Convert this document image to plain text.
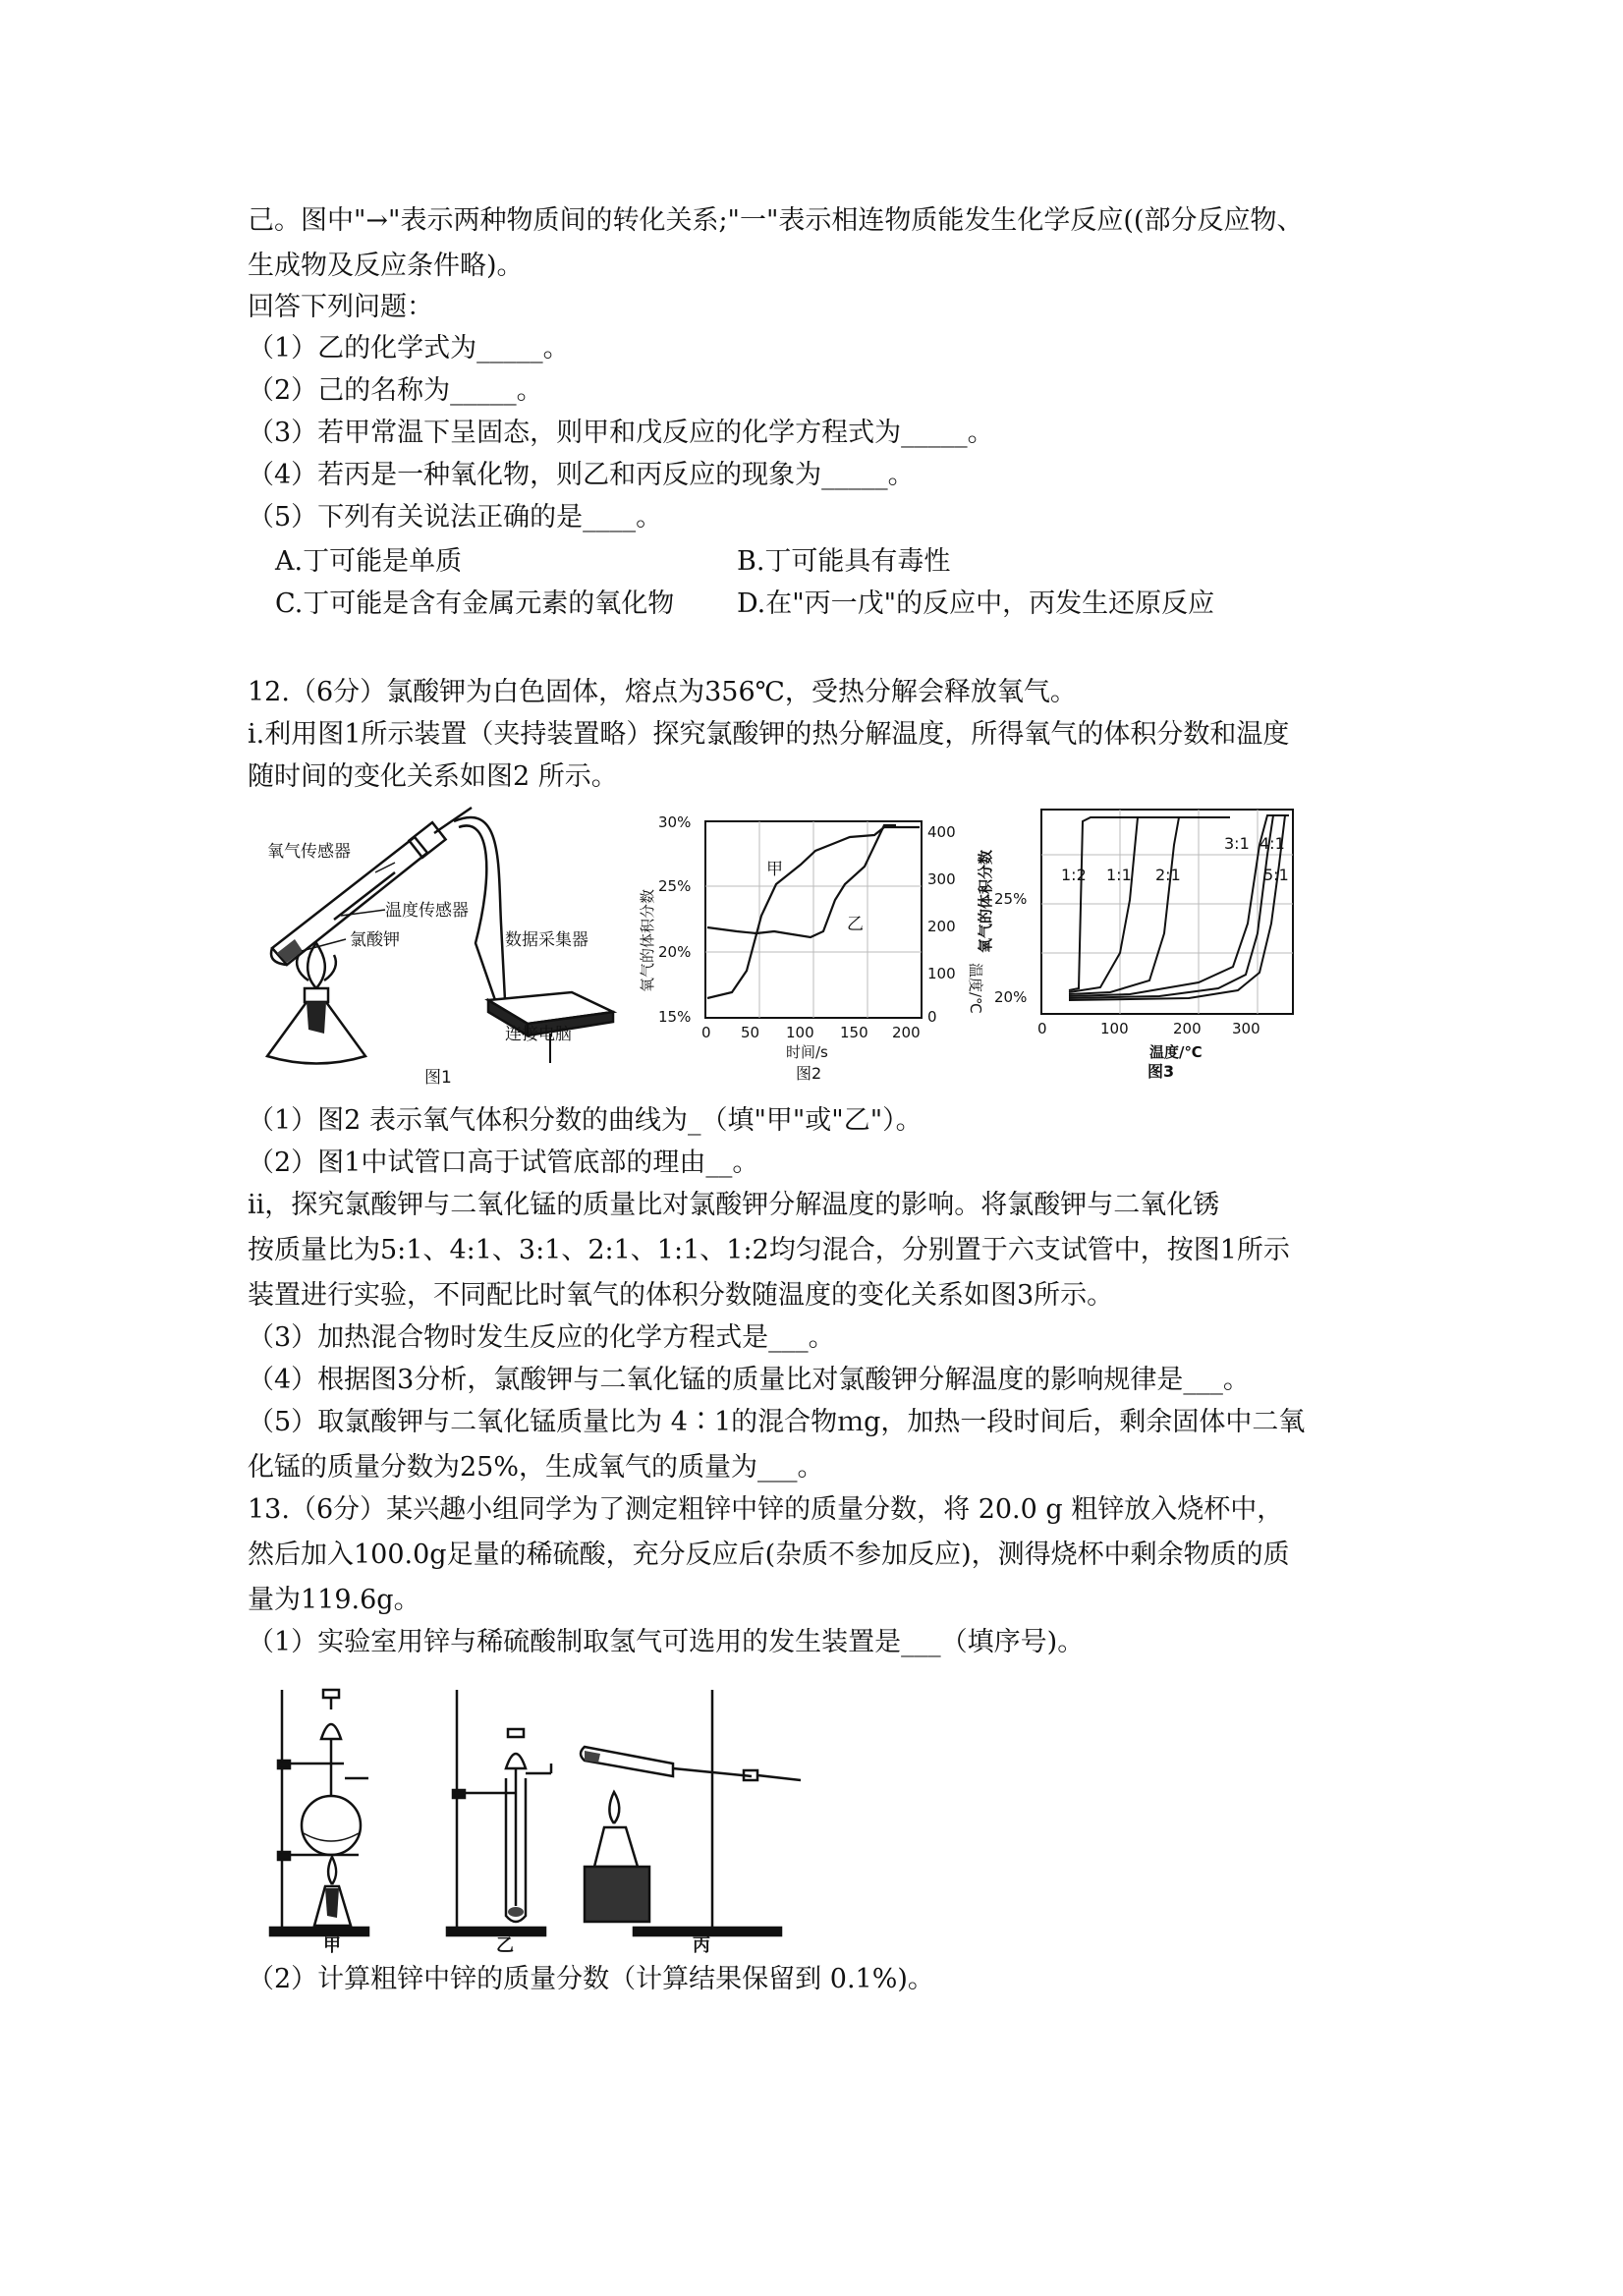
己。图中"→"表示两种物质间的转化关系;"一"表示相连物质能发生化学反应((部分反应物、
生成物及反应条件略)。
回答下列问题：
（1）乙的化学式为_____。
（2）己的名称为_____。
（3）若甲常温下呈固态，则甲和戊反应的化学方程式为_____。
（4）若丙是一种氧化物，则乙和丙反应的现象为_____。
（5）下列有关说法正确的是____。
A.丁可能是单质	B.丁可能具有毒性
C.丁可能是含有金属元素的氧化物 D.在"丙一戊"的反应中，丙发生还原反应
12.（6分）氯酸钾为白色固体，熔点为356℃，受热分解会释放氧气。
i.利用图1所示装置（夹持装置略）探究氯酸钾的热分解温度，所得氧气的体积分数和温度
随时间的变化关系如图2 所示。
氧气传感器
温度传感器
氯酸钾	数据采集器
连接电脑
图1
甲
乙
30%
25%
20%
15%
400
300
200
100
0
0 50 100 150 200
时间/s
氧气的体积分数	温度/℃
图2
1:2 1:1 2:1
3:1 4:1
5:1
25%
20%
0	100	200 300
温度/℃
氧气的体积分数
图3
（1）图2 表示氧气体积分数的曲线为_（填"甲"或"乙"）。
（2）图1中试管口高于试管底部的理由__。
ii，探究氯酸钾与二氧化锰的质量比对氯酸钾分解温度的影响。将氯酸钾与二氧化锈
按质量比为5:1、4:1、3:1、2:1、1:1、1:2均匀混合，分别置于六支试管中，按图1所示
装置进行实验，不同配比时氧气的体积分数随温度的变化关系如图3所示。
（3）加热混合物时发生反应的化学方程式是___。
（4）根据图3分析，氯酸钾与二氧化锰的质量比对氯酸钾分解温度的影响规律是___。
（5）取氯酸钾与二氧化锰质量比为 4∶1的混合物ｍg，加热一段时间后，剩余固体中二氧
化锰的质量分数为25%，生成氧气的质量为___。
13.（6分）某兴趣小组同学为了测定粗锌中锌的质量分数，将 20.0 g 粗锌放入烧杯中，
然后加入100.0g足量的稀硫酸，充分反应后(杂质不参加反应)，测得烧杯中剩余物质的质
量为119.6g。
（1）实验室用锌与稀硫酸制取氢气可选用的发生装置是___（填序号)。
甲	乙	丙
（2）计算粗锌中锌的质量分数（计算结果保留到 0.1%)。
